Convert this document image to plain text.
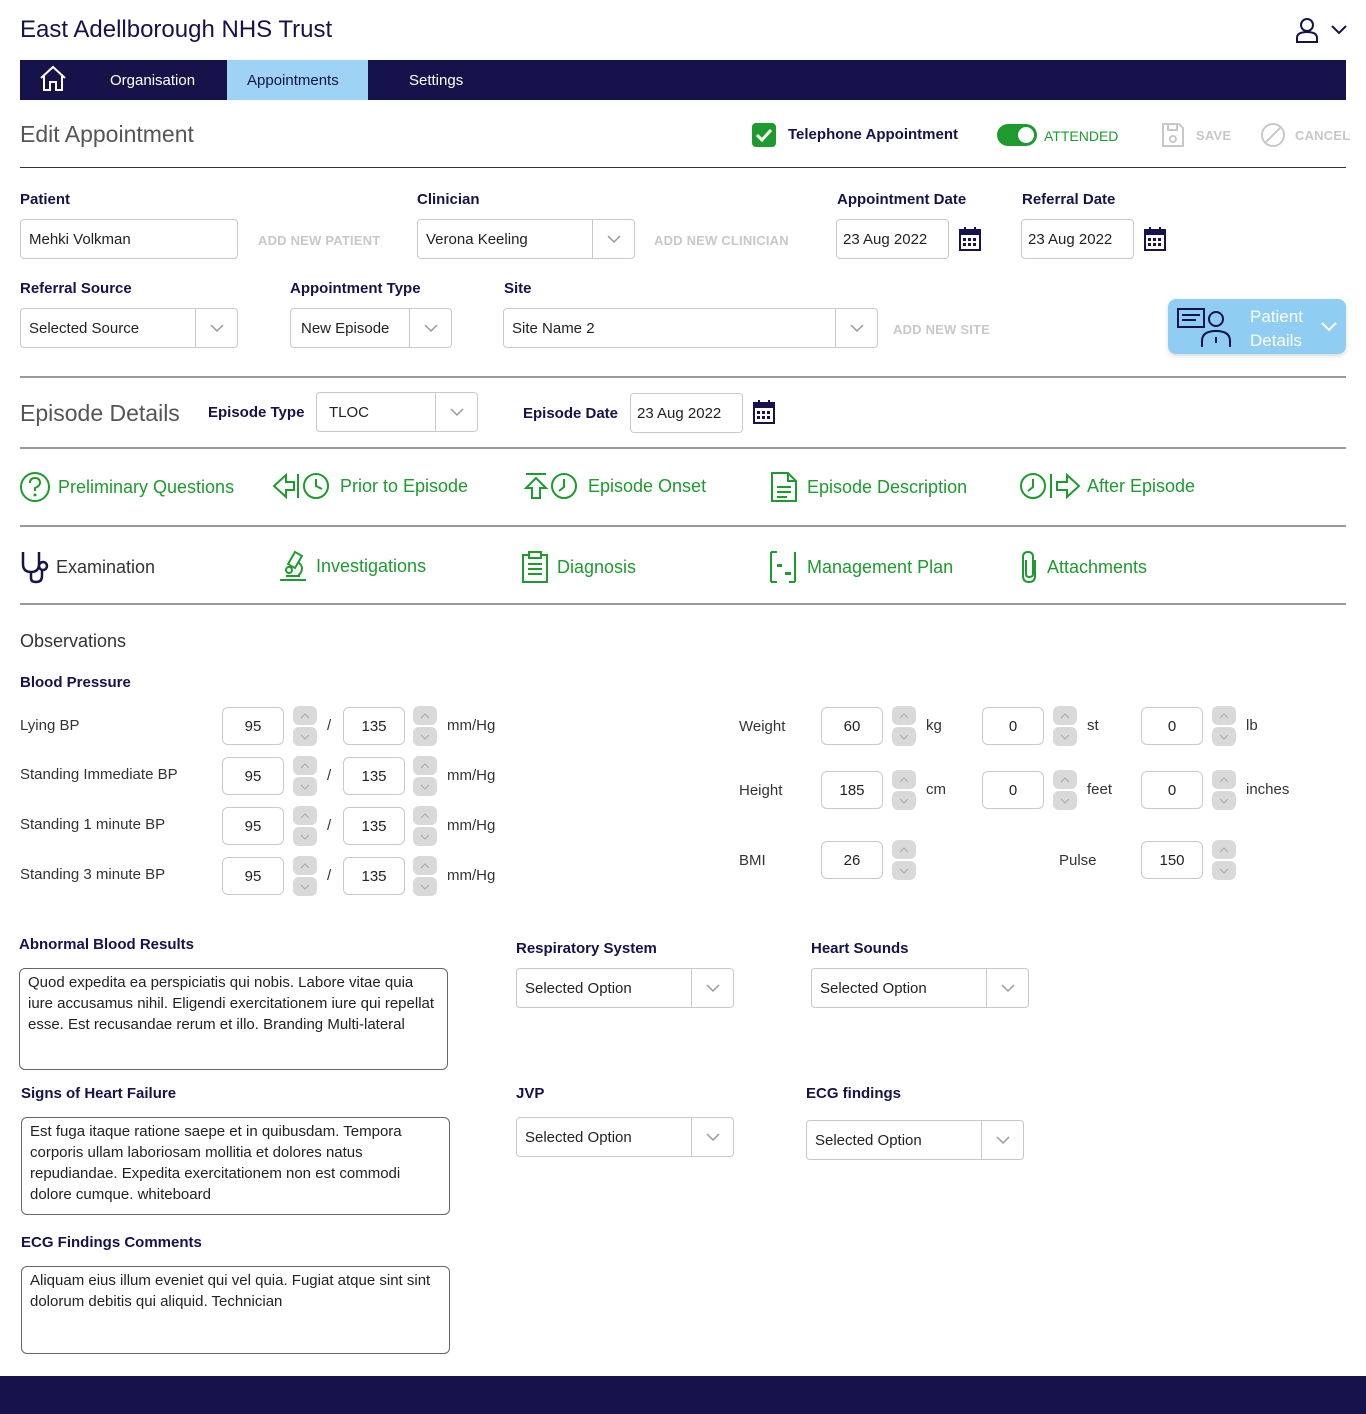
East Adellborough NHS Trust
Organisation	Appointments	Settings
Edit Appointment	Telephone Appointment	ATTENDED	SAVE	CANCEL
Patient
Mehki Volkman	ADD NEW PATIENT
Clinician
Verona Keeling	ADD NEW CLINICIAN
Appointment Date
23 Aug 2022
Referral Date
23 Aug 2022
Referral Source
Selected Source
Appointment Type
New Episode
Site
Site Name 2	ADD NEW SITE
Patient
Details
Episode Details Episode Type	TLOC	Episode Date	23 Aug 2022
Preliminary Questions	Prior to Episode	Episode Onset	Episode Description	After Episode
Examination	Investigations	Diagnosis	Management Plan	Attachments
Observations
Blood Pressure
Lying BP	95	/	135	mm/Hg
Standing Immediate BP	95	/	135	mm/Hg
Standing 1 minute BP	95	/	135	mm/Hg
Standing 3 minute BP	95	/	135	mm/Hg
Weight	60	kg	0	st	0	lb
Height	185	cm	0	feet	0	inches
BMI	26	Pulse	150
Abnormal Blood Results
Quod expedita ea perspiciatis qui nobis. Labore vitae quia iure accusamus nihil. Eligendi exercitationem iure qui repellat esse. Est recusandae rerum et illo. Branding Multi-lateral
Respiratory System
Selected Option
Heart Sounds
Selected Option
Signs of Heart Failure
Est fuga itaque ratione saepe et in quibusdam. Tempora corporis ullam laboriosam mollitia et dolores natus repudiandae. Expedita exercitationem non est commodi dolore cumque. whiteboard
JVP
Selected Option
ECG findings
Selected Option
ECG Findings Comments
Aliquam eius illum eveniet qui vel quia. Fugiat atque sint sint dolorum debitis qui aliquid. Technician
